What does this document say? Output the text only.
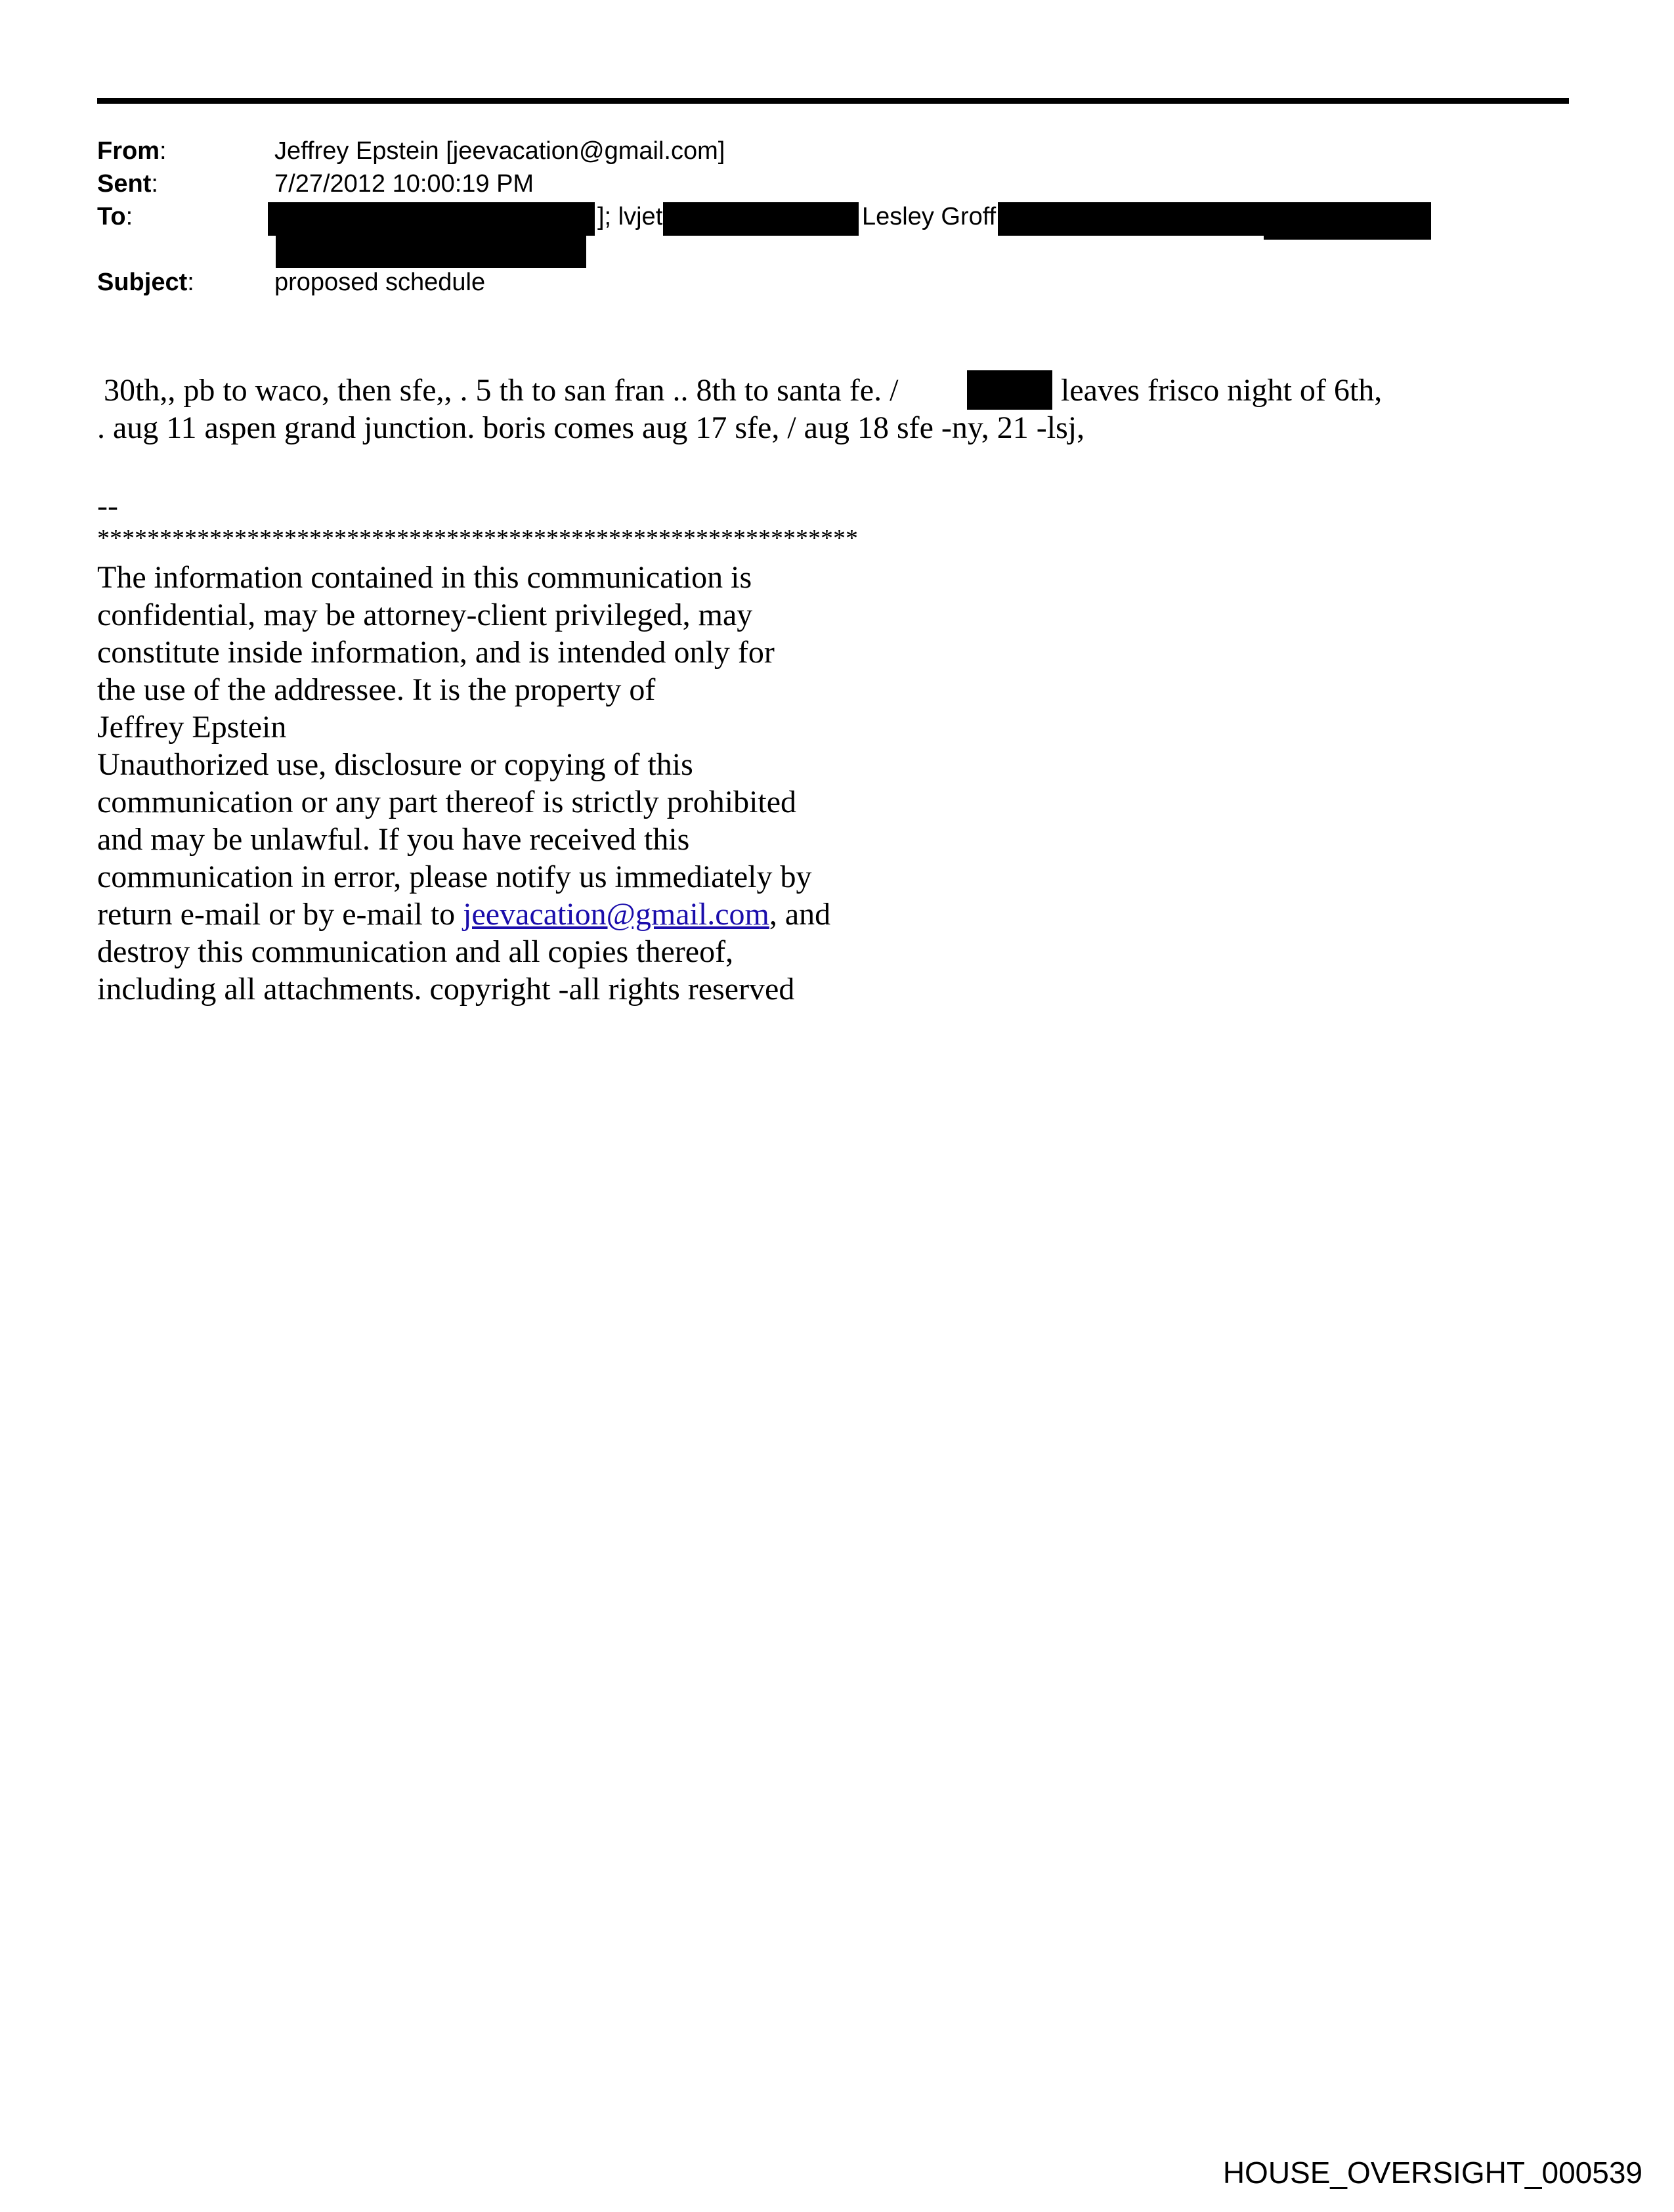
From:
Sent:
To:
Subject:
Jeffrey Epstein [jeevacation@gmail.com]
7/27/2012 10:00:19 PM
]; lvjet	Lesley Groff
proposed schedule
30th,, pb to waco, then sfe,, . 5 th to san fran .. 8th to santa fe. /	leaves frisco night of 6th,
. aug 11 aspen grand junction. boris comes aug 17 sfe, / aug 18 sfe -ny, 21 -lsj,
--
*************************************************************
The information contained in this communication is
confidential, may be attorney-client privileged, may
constitute inside information, and is intended only for
the use of the addressee. It is the property of
Jeffrey Epstein
Unauthorized use, disclosure or copying of this
communication or any part thereof is strictly prohibited
and may be unlawful. If you have received this
communication in error, please notify us immediately by
return e-mail or by e-mail to jeevacation@gmail.com, and
destroy this communication and all copies thereof,
including all attachments. copyright -all rights reserved
HOUSE_OVERSIGHT_000539
